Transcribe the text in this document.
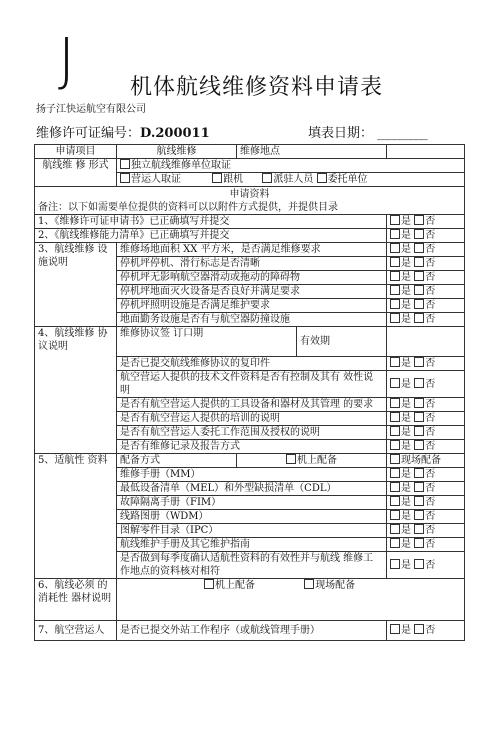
J 机体航线维修资料申请表
扬子江快运航空有限公司
维修许可证编号：D.200011	填表日期： _________
申请项目	航线维修	维修地点		
航线维 修 形式	独立航线维修单位取证			
	营运人取证 跟机 派驻人员 委托单位			

申请资料
备注：以下如需要单位提供的资料可以以附件方式提供，并提供目录				

1、《维修许可证申请书》已正确填写并提交				是 否
2、《航线维修能力清单》已正确填写并提交				是 否
3、航线维修 设施说明	维修场地面积 XX 平方米，是否满足维修要求			是 否
	停机坪停机、滑行标志是否清晰			是 否
	停机坪无影响航空器滑动或拖动的障碍物			是 否
	停机坪地面灭火设备是否良好并满足要求			是 否
	停机坪照明设施是否满足维护要求			是 否
	地面勤务设施是否有与航空器防撞设施			是 否
4、航线维修 协议说明	维修协议签 订口期		有效期	
	是否已提交航线维修协议的复印件			是 否
	航空营运人提供的技术文件资料是否有控制及其有 效性说明			是 否
	是否有航空营运人提供的工具设备和器材及其管理 的要求			是 否
	是否有航空营运人提供的培训的说明			是 否
	是否有航空营运人委托工作范围及授权的说明			是 否
	是否有维修记录及报告方式			是 否
5、适航性 资料	配备方式	机上配备		现场配备
	维修手册（MM）			是 否
	最低设备清单（MEL）和外型缺损清单（CDL）			是 否
	故障隔离手册（FIM）			是 否
	线路图册（WDM）			是 否
	图解零件目录（IPC）			是 否
	航线维护手册及其它维护指南			是 否
	是否做到每季度确认适航性资料的有效性并与航线 维修工作地点的资料核对相符			是 否
6、航线必须 的消耗性 器材说明	机上配备 现场配备			
7、航空营运人	是否已提交外站工作程序（或航线管理手册）			是 否
